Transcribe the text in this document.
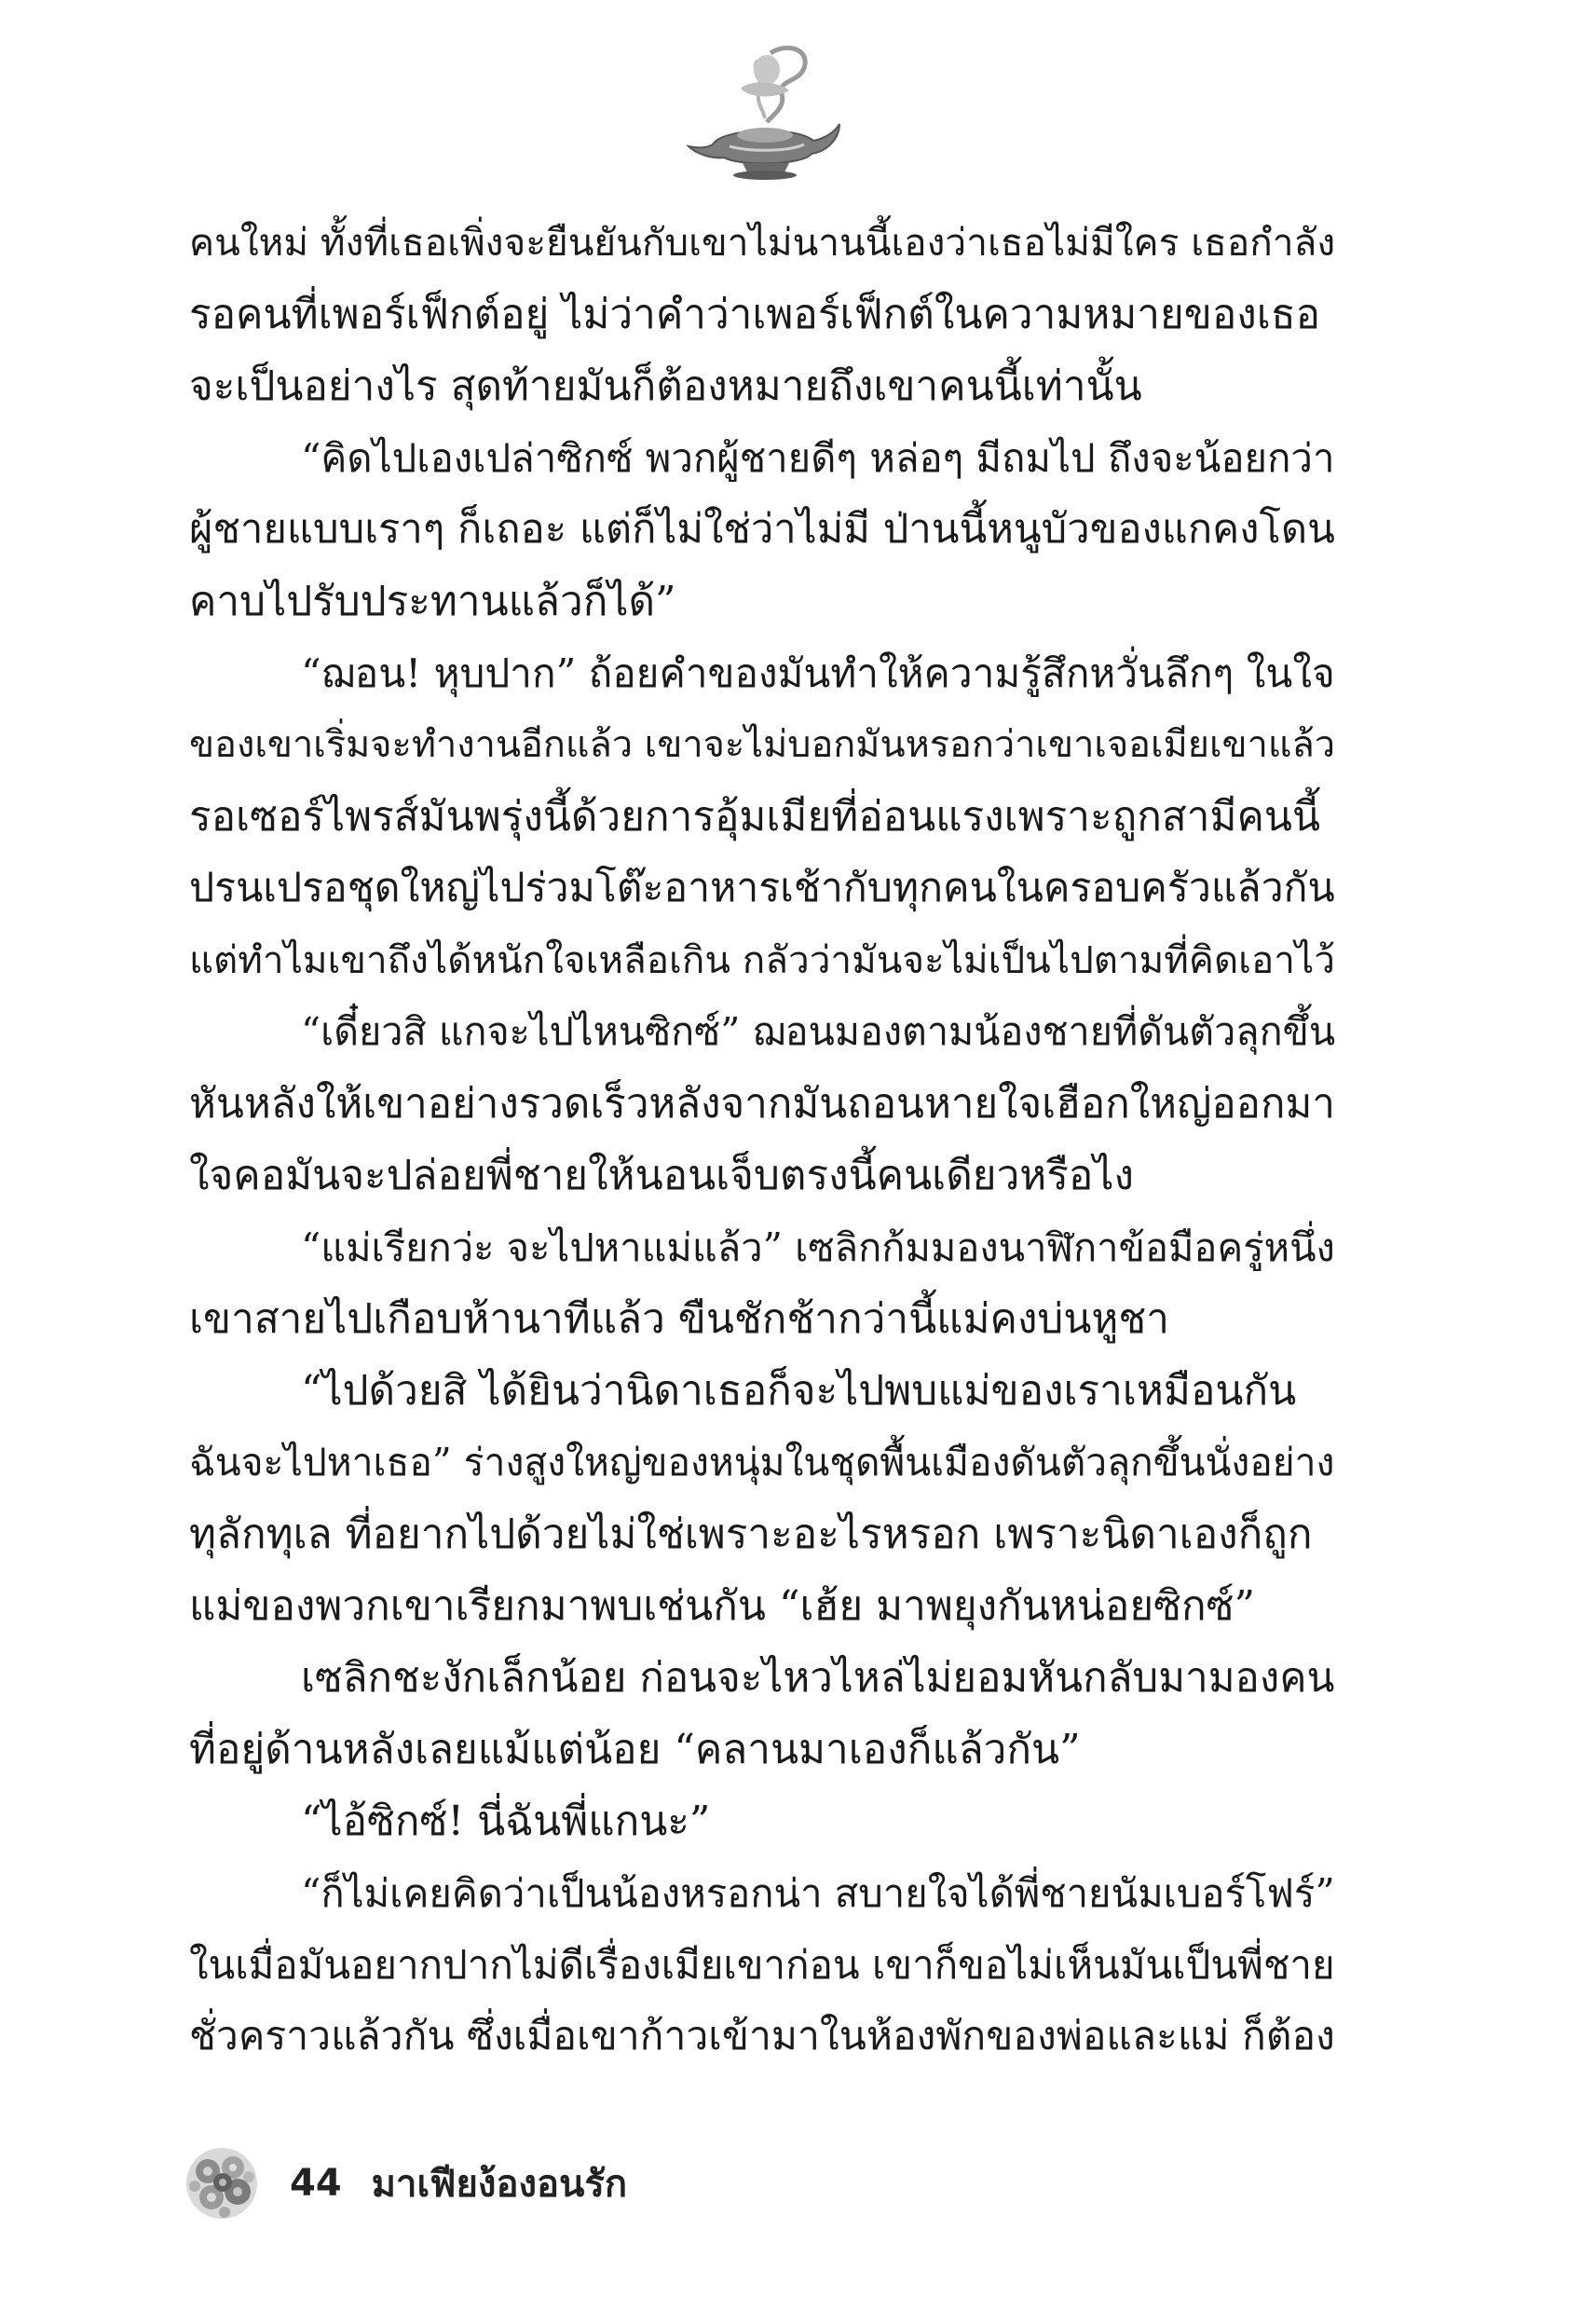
คนใหม่ ทั้งที่เธอเพิ่งจะยืนยันกับเขาไม่นานนี้เองว่าเธอไม่มีใคร เธอกำลัง
รอคนที่เพอร์เฟ็กต์อยู่ ไม่ว่าคำว่าเพอร์เฟ็กต์ในความหมายของเธอ
จะเป็นอย่างไร สุดท้ายมันก็ต้องหมายถึงเขาคนนี้เท่านั้น
“คิดไปเองเปล่าซิกซ์ พวกผู้ชายดีๆ หล่อๆ มีถมไป ถึงจะน้อยกว่า
ผู้ชายแบบเราๆ ก็เถอะ แต่ก็ไม่ใช่ว่าไม่มี ป่านนี้หนูบัวของแกคงโดน
คาบไปรับประทานแล้วก็ได้”
“ฌอน! หุบปาก” ถ้อยคำของมันทำให้ความรู้สึกหวั่นลึกๆ ในใจ
ของเขาเริ่มจะทำงานอีกแล้ว เขาจะไม่บอกมันหรอกว่าเขาเจอเมียเขาแล้ว
รอเซอร์ไพรส์มันพรุ่งนี้ด้วยการอุ้มเมียที่อ่อนแรงเพราะถูกสามีคนนี้
ปรนเปรอชุดใหญ่ไปร่วมโต๊ะอาหารเช้ากับทุกคนในครอบครัวแล้วกัน
แต่ทำไมเขาถึงได้หนักใจเหลือเกิน กลัวว่ามันจะไม่เป็นไปตามที่คิดเอาไว้
“เดี๋ยวสิ แกจะไปไหนซิกซ์” ฌอนมองตามน้องชายที่ดันตัวลุกขึ้น
หันหลังให้เขาอย่างรวดเร็วหลังจากมันถอนหายใจเฮือกใหญ่ออกมา
ใจคอมันจะปล่อยพี่ชายให้นอนเจ็บตรงนี้คนเดียวหรือไง
“แม่เรียกว่ะ จะไปหาแม่แล้ว” เซลิกก้มมองนาฬิกาข้อมือครู่หนึ่ง
เขาสายไปเกือบห้านาทีแล้ว ขืนชักช้ากว่านี้แม่คงบ่นหูชา
“ไปด้วยสิ ได้ยินว่านิดาเธอก็จะไปพบแม่ของเราเหมือนกัน
ฉันจะไปหาเธอ” ร่างสูงใหญ่ของหนุ่มในชุดพื้นเมืองดันตัวลุกขึ้นนั่งอย่าง
ทุลักทุเล ที่อยากไปด้วยไม่ใช่เพราะอะไรหรอก เพราะนิดาเองก็ถูก
แม่ของพวกเขาเรียกมาพบเช่นกัน “เฮ้ย มาพยุงกันหน่อยซิกซ์”
เซลิกชะงักเล็กน้อย ก่อนจะไหวไหล่ไม่ยอมหันกลับมามองคน
ที่อยู่ด้านหลังเลยแม้แต่น้อย “คลานมาเองก็แล้วกัน”
“ไอ้ซิกซ์! นี่ฉันพี่แกนะ”
“ก็ไม่เคยคิดว่าเป็นน้องหรอกน่า สบายใจได้พี่ชายนัมเบอร์โฟร์”
ในเมื่อมันอยากปากไม่ดีเรื่องเมียเขาก่อน เขาก็ขอไม่เห็นมันเป็นพี่ชาย
ชั่วคราวแล้วกัน ซึ่งเมื่อเขาก้าวเข้ามาในห้องพักของพ่อและแม่ ก็ต้อง
44 มาเฟียง้องอนรัก
